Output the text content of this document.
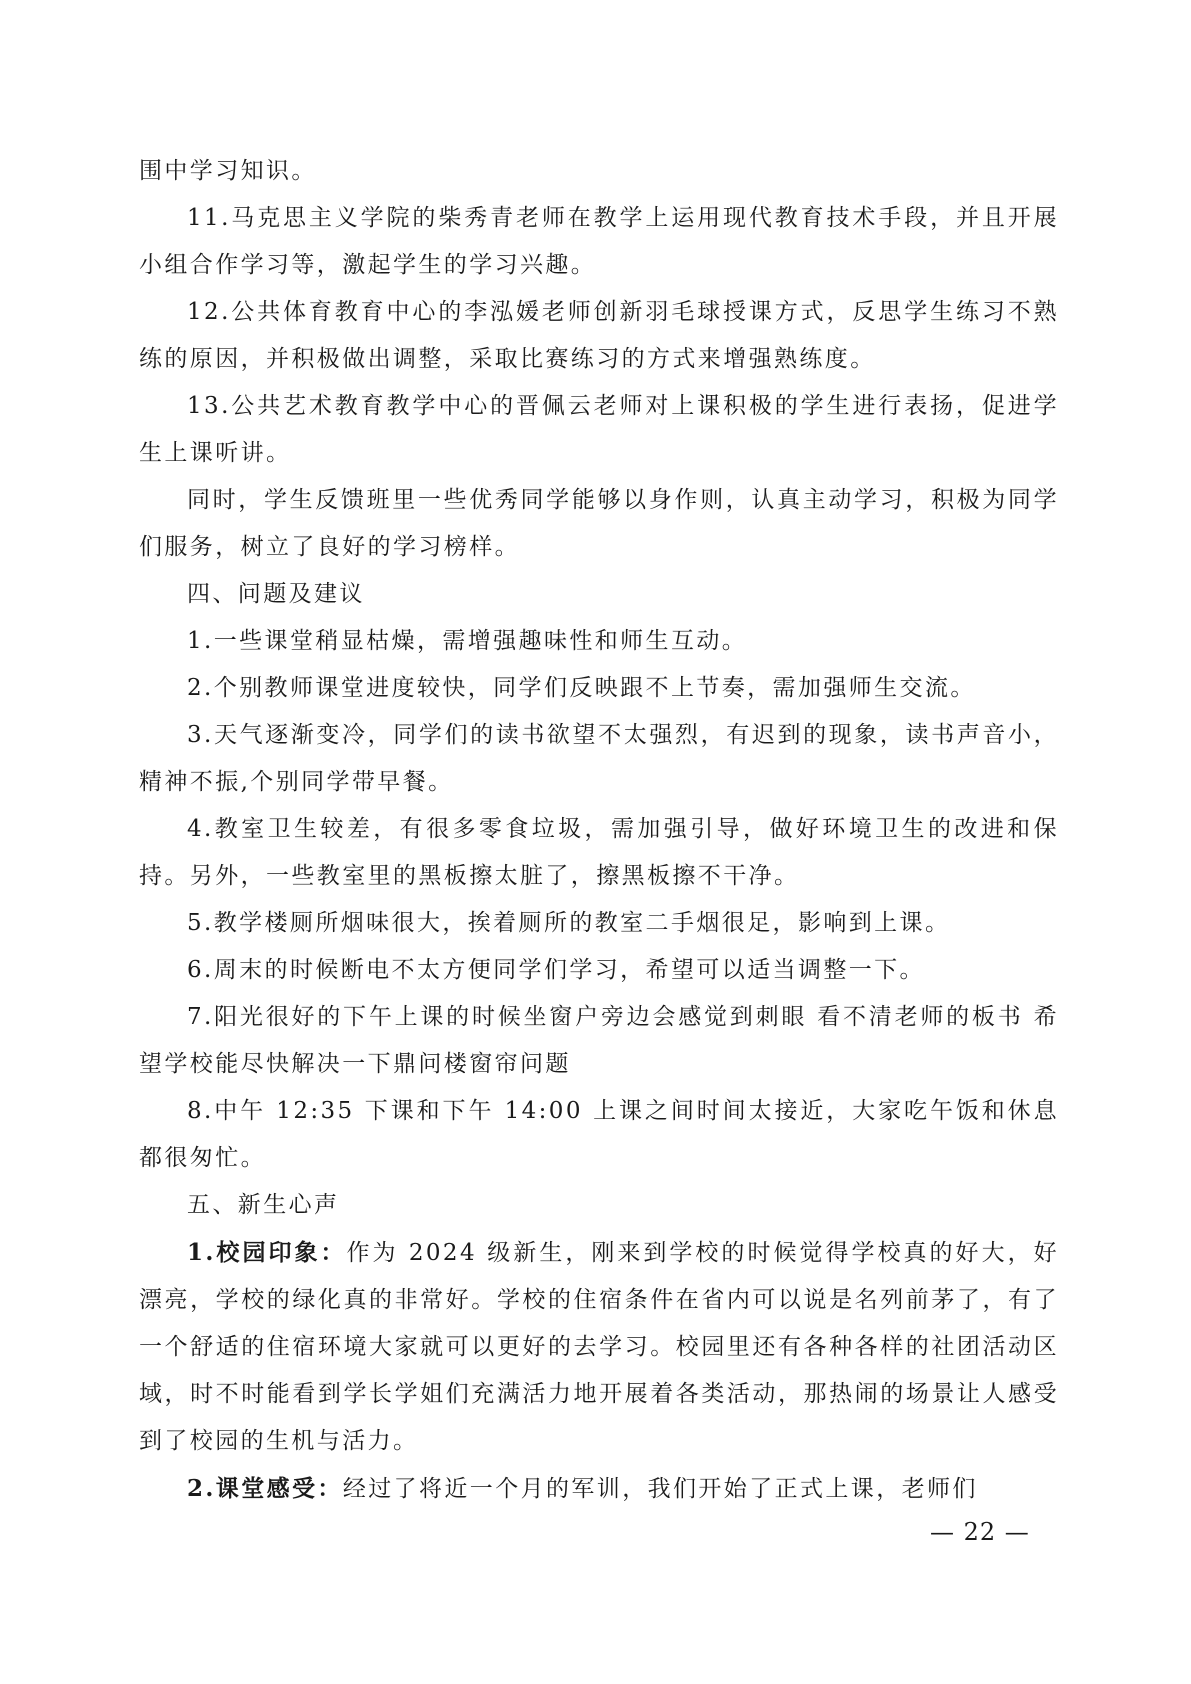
围中学习知识。

11.马克思主义学院的柴秀青老师在教学上运用现代教育技术手段，并且开展小组合作学习等，激起学生的学习兴趣。

12.公共体育教育中心的李泓媛老师创新羽毛球授课方式，反思学生练习不熟练的原因，并积极做出调整，采取比赛练习的方式来增强熟练度。

13.公共艺术教育教学中心的晋佩云老师对上课积极的学生进行表扬，促进学生上课听讲。

同时，学生反馈班里一些优秀同学能够以身作则，认真主动学习，积极为同学们服务，树立了良好的学习榜样。

四、问题及建议

1.一些课堂稍显枯燥，需增强趣味性和师生互动。

2.个别教师课堂进度较快，同学们反映跟不上节奏，需加强师生交流。

3.天气逐渐变冷，同学们的读书欲望不太强烈，有迟到的现象，读书声音小，精神不振,个别同学带早餐。

4.教室卫生较差，有很多零食垃圾，需加强引导，做好环境卫生的改进和保持。另外，一些教室里的黑板擦太脏了，擦黑板擦不干净。

5.教学楼厕所烟味很大，挨着厕所的教室二手烟很足，影响到上课。

6.周末的时候断电不太方便同学们学习，希望可以适当调整一下。

7.阳光很好的下午上课的时候坐窗户旁边会感觉到刺眼 看不清老师的板书 希望学校能尽快解决一下鼎问楼窗帘问题

8.中午 12:35 下课和下午 14:00 上课之间时间太接近，大家吃午饭和休息都很匆忙。

五、新生心声

1.校园印象：作为 2024 级新生，刚来到学校的时候觉得学校真的好大，好漂亮，学校的绿化真的非常好。学校的住宿条件在省内可以说是名列前茅了，有了一个舒适的住宿环境大家就可以更好的去学习。校园里还有各种各样的社团活动区域，时不时能看到学长学姐们充满活力地开展着各类活动，那热闹的场景让人感受到了校园的生机与活力。

2.课堂感受：经过了将近一个月的军训，我们开始了正式上课，老师们

— 22 —
